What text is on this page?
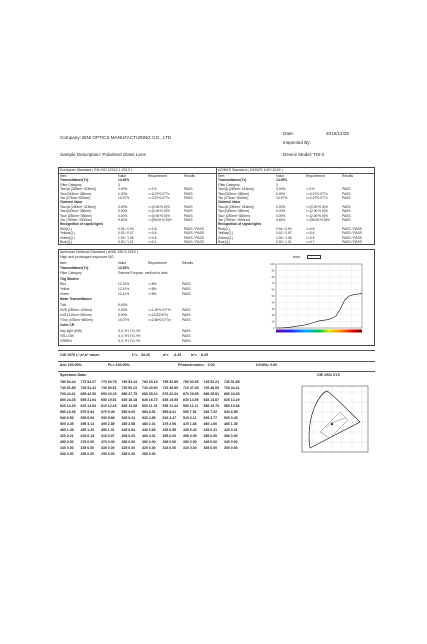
Company: BINI OPTICS MANUFACTURING CO., LTD
Date:	2019/12/29
Inspected By:
Sample Description: Polarized Glass Lens	Device Model: TM-3
European Standard ( EN ISO 12312-1:2013 )	AS/NZS Standard ( AS/NZS 1067:2016 )
Item	Value	Requirement	Results
Transmittance(Tv)	14.09%
Filter Category	3
Tsuv(A (280nm~315nm))	0.00%	<=1%	PASS
Tsuv(315nm~380nm)	0.00%	<=0.07*0.07Tv	PASS
Tsir (475nm~650nm)	10.97%	<=2.67*0.07Tv	PASS
Claimed Value
Tsuv(A (280nm~315nm))	0.00%	<=(0.00+0.5)%	PASS
Tsuv(315nm~380nm)	0.00%	<=(0.00+0.5)%	PASS
Tsuv (280nm~380nm)	0.00%	<=(0.00+0.5)%	PASS
Tsir (780nm~1500nm)	9.62%	<=(99.00+0.5)%	PASS
Recognition of signal lights
Red(Q.)	0.94 / 0.90	>=0.8	PASS / PASS
Yellow(Q.)	0.92 / 0.97	>=0.6	PASS / PASS
Green(Q.)	1.09 / 1.06	>=0.6	PASS / PASS
Blue(Q.)	0.90 / 1.01	>=0.4	PASS / PASS
Item	Value	Requirement	Results
Transmittance(Tv)	14.09%
Filter Category	3
Tsuv(A (280nm~315nm))	0.00%	<=1%	PASS
Tsuv(315nm~380nm)	0.00%	<=0.07*0.07Tv	PASS
Tsir (475nm~650nm)	10.97%	<=2.67*0.07Tv	PASS
Claimed Value
Tsuv(A (280nm~315nm))	0.00%	<=(0.00+0.5)%	PASS
Tsuv(315nm~380nm)	0.00%	<=(2.00+0.5)%	PASS
Tsuv (280nm~380nm)	0.00%	<=(2.00+0.5)%	PASS
Tsir (780nm~1500nm)	9.62%	<=(99.00+0.5)%	PASS
Recognition of signal lights
Red(Q.)	0.94 / 0.90	>=0.8	PASS / PASS
Yellow(Q.)	0.92 / 0.97	>=0.6	PASS / PASS
Green(Q.)	1.09 / 1.06	>=0.6	PASS / PASS
Blue(Q.)	0.90 / 1.01	>=0.7	PASS / PASS
American National Standard ( ANSI Z80.3-2015 )
High and prolonged exposure NO
Item	Value	Requirement	Results
Transmittance(Tv)	13.52%
Filter Category	General Purpose, medium to dark
Trig Studies
Red	12.31%	>=8%	PASS
Yellow	12.41%	>=8%	PASS
Green	12.41%	>=8%	PASS
Mean Transmittance
Tvis	9.63%
UVB (280nm~315nm)	0.00%	<=1.00*0.01*Tv	PASS
UVA (315nm~380nm)	0.00%	<=13.52%Tv)	PASS
TVsir (475nm~650nm)	10.97%	<=2.66*0.07Tv)	PASS
Color CR
Day light (D65)	X,X,YH Y,G,YH	PASS
YELLOW	X,X,YH Y,G,YH	PASS
GREEN	X,X,YH Y,G,YH	PASS
lens:
100
90
80
70
60
50
40
30
20
10
0
CIE 1976 L*,a*,b* value:	L*= 43.26	a*= -3.25	b*= 8.25
Δn= 100.00%	PL= 100.00%	Photochromic= 0.00	UV400= 0.00
Spectrum Data:
780 54.44 775 54.07 770 53.75 765 53.44 760 53.15 755 52.85 750 52.55 745 52.21 740 51.85
740 51.85 735 51.41 730 50.91 725 50.23 720 49.50 715 48.60 710 47.46 705 46.05 700 44.41
700 44.41 695 42.50 690 40.25 685 37.75 680 35.10 675 32.34 670 29.55 665 26.81 660 24.28
660 24.28 655 21.94 650 19.91 645 18.18 640 16.73 635 15.55 630 14.59 625 13.87 620 13.29
620 13.29 615 12.84 610 12.43 605 12.08 600 11.76 595 11.44 590 11.11 585 10.75 580 10.36
580 10.36 575 9.94 570 9.49 565 9.00 560 8.51 555 8.01 550 7.51 545 7.02 540 6.55
540 6.55 535 6.09 530 5.66 525 5.24 520 4.85 515 4.47 510 4.11 505 3.77 500 3.45
500 3.45 495 3.14 490 2.85 485 2.58 480 2.31 475 2.06 470 1.83 465 1.60 460 1.39
460 1.39 455 1.20 450 1.01 445 0.84 440 0.69 435 0.55 430 0.42 425 0.31 420 0.21
420 0.21 415 0.13 410 0.07 405 0.03 400 0.01 395 0.00 390 0.00 385 0.00 380 0.00
380 0.00 375 0.00 370 0.00 365 0.00 360 0.00 355 0.00 350 0.00 345 0.00 340 0.00
340 0.00 335 0.00 330 0.00 325 0.00 320 0.00 315 0.00 310 0.00 305 0.00 300 0.00
300 0.00 295 0.00 290 0.00 285 0.00 280 0.00
CIE 1931 XYZ
